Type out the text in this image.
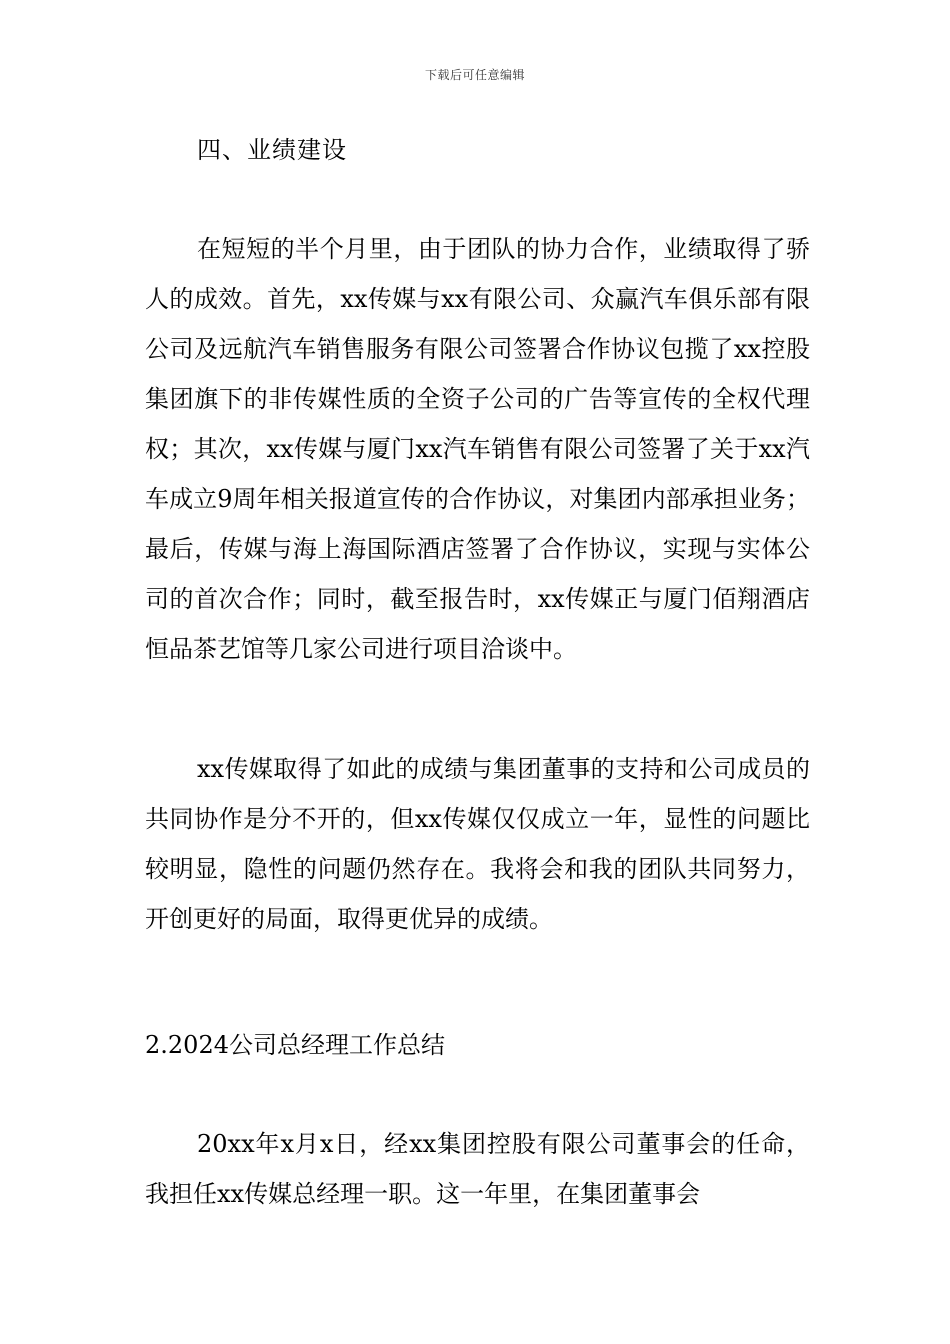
下载后可任意编辑
四、业绩建设

在短短的半个月里，由于团队的协力合作，业绩取得了骄人的成效。首先，xx传媒与xx有限公司、众赢汽车俱乐部有限公司及远航汽车销售服务有限公司签署合作协议包揽了xx控股集团旗下的非传媒性质的全资子公司的广告等宣传的全权代理权；其次，xx传媒与厦门xx汽车销售有限公司签署了关于xx汽车成立9周年相关报道宣传的合作协议，对集团内部承担业务；最后，传媒与海上海国际酒店签署了合作协议，实现与实体公司的首次合作；同时，截至报告时，xx传媒正与厦门佰翔酒店恒品茶艺馆等几家公司进行项目洽谈中。

xx传媒取得了如此的成绩与集团董事的支持和公司成员的共同协作是分不开的，但xx传媒仅仅成立一年，显性的问题比较明显，隐性的问题仍然存在。我将会和我的团队共同努力，开创更好的局面，取得更优异的成绩。

2.2024公司总经理工作总结

20xx年x月x日，经xx集团控股有限公司董事会的任命，我担任xx传媒总经理一职。这一年里，在集团董事会
